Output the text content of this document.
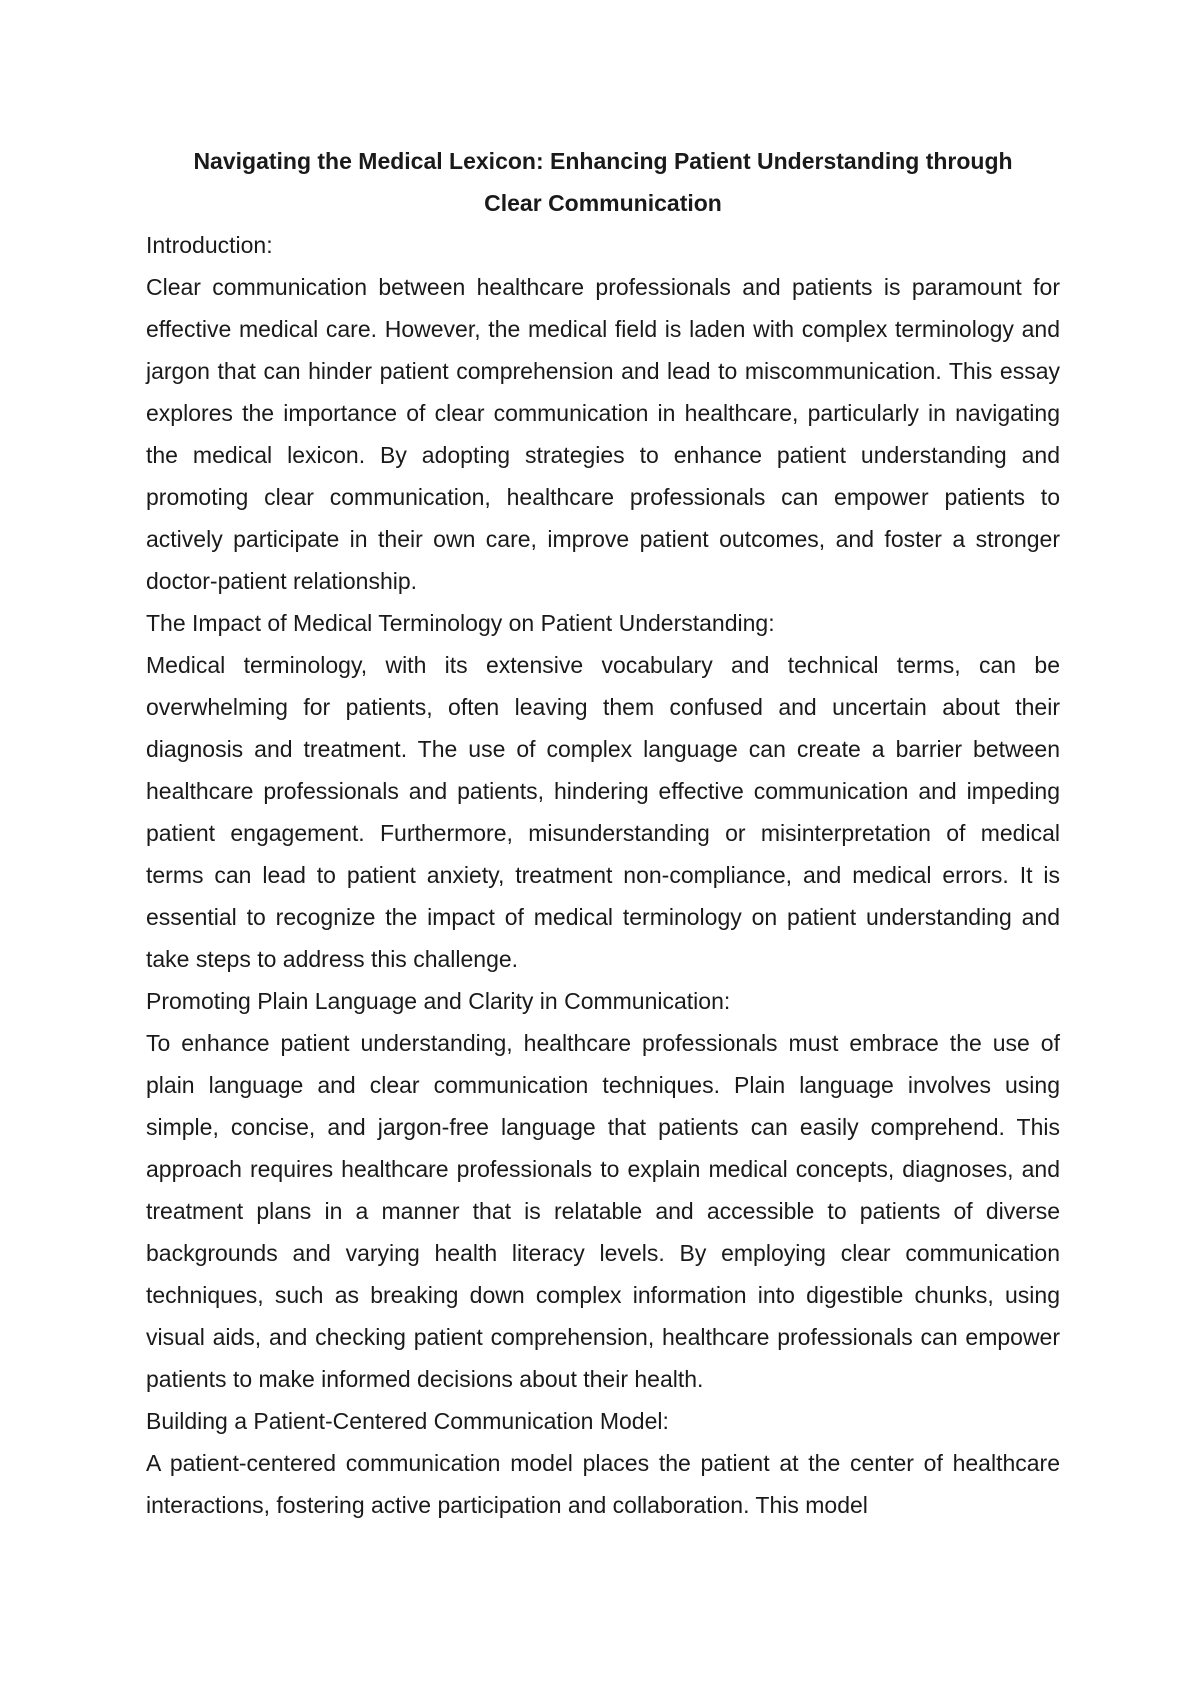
Navigating the Medical Lexicon: Enhancing Patient Understanding through
Clear Communication
Introduction:
Clear communication between healthcare professionals and patients is paramount for effective medical care. However, the medical field is laden with complex terminology and jargon that can hinder patient comprehension and lead to miscommunication. This essay explores the importance of clear communication in healthcare, particularly in navigating the medical lexicon. By adopting strategies to enhance patient understanding and promoting clear communication, healthcare professionals can empower patients to actively participate in their own care, improve patient outcomes, and foster a stronger doctor-patient relationship.
The Impact of Medical Terminology on Patient Understanding:
Medical terminology, with its extensive vocabulary and technical terms, can be overwhelming for patients, often leaving them confused and uncertain about their diagnosis and treatment. The use of complex language can create a barrier between healthcare professionals and patients, hindering effective communication and impeding patient engagement. Furthermore, misunderstanding or misinterpretation of medical terms can lead to patient anxiety, treatment non-compliance, and medical errors. It is essential to recognize the impact of medical terminology on patient understanding and take steps to address this challenge.
Promoting Plain Language and Clarity in Communication:
To enhance patient understanding, healthcare professionals must embrace the use of plain language and clear communication techniques. Plain language involves using simple, concise, and jargon-free language that patients can easily comprehend. This approach requires healthcare professionals to explain medical concepts, diagnoses, and treatment plans in a manner that is relatable and accessible to patients of diverse backgrounds and varying health literacy levels. By employing clear communication techniques, such as breaking down complex information into digestible chunks, using visual aids, and checking patient comprehension, healthcare professionals can empower patients to make informed decisions about their health.
Building a Patient-Centered Communication Model:
A patient-centered communication model places the patient at the center of healthcare interactions, fostering active participation and collaboration. This model
